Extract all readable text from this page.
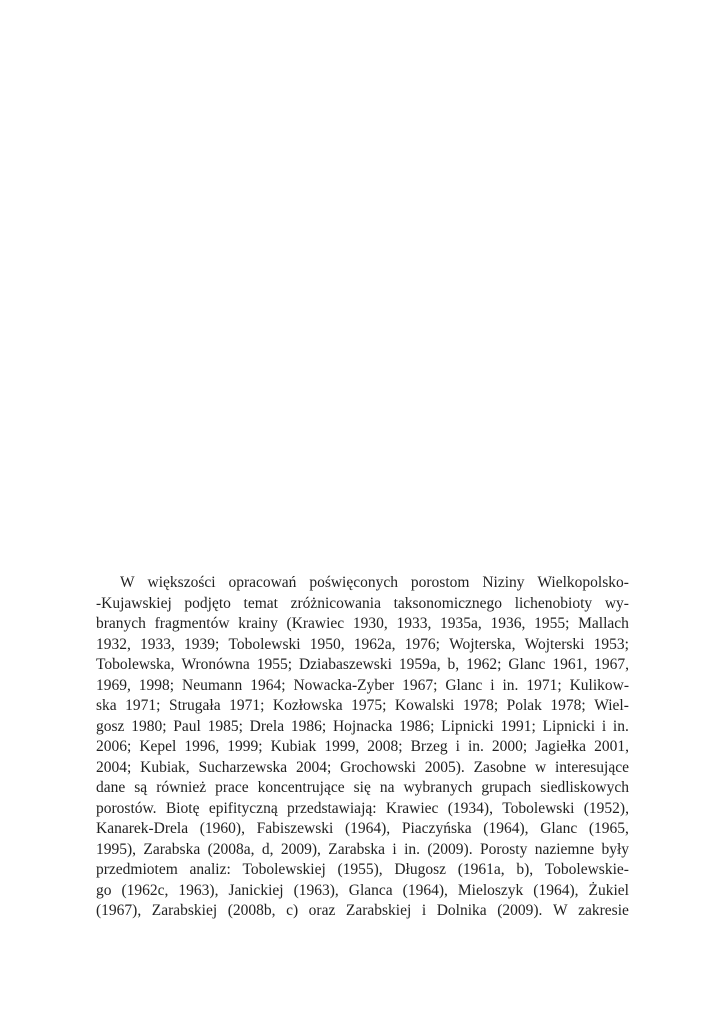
W większości opracowań poświęconych porostom Niziny Wielkopolsko-
-Kujawskiej podjęto temat zróżnicowania taksonomicznego lichenobioty wy-
branych fragmentów krainy (Krawiec 1930, 1933, 1935a, 1936, 1955; Mallach
1932, 1933, 1939; Tobolewski 1950, 1962a, 1976; Wojterska, Wojterski 1953;
Tobolewska, Wronówna 1955; Dziabaszewski 1959a, b, 1962; Glanc 1961, 1967,
1969, 1998; Neumann 1964; Nowacka-Zyber 1967; Glanc i in. 1971; Kulikow-
ska 1971; Strugała 1971; Kozłowska 1975; Kowalski 1978; Polak 1978; Wiel-
gosz 1980; Paul 1985; Drela 1986; Hojnacka 1986; Lipnicki 1991; Lipnicki i in.
2006; Kepel 1996, 1999; Kubiak 1999, 2008; Brzeg i in. 2000; Jagiełka 2001,
2004; Kubiak, Sucharzewska 2004; Grochowski 2005). Zasobne w interesujące
dane są również prace koncentrujące się na wybranych grupach siedliskowych
porostów. Biotę epifityczną przedstawiają: Krawiec (1934), Tobolewski (1952),
Kanarek-Drela (1960), Fabiszewski (1964), Piaczyńska (1964), Glanc (1965,
1995), Zarabska (2008a, d, 2009), Zarabska i in. (2009). Porosty naziemne były
przedmiotem analiz: Tobolewskiej (1955), Długosz (1961a, b), Tobolewskie-
go (1962c, 1963), Janickiej (1963), Glanca (1964), Mieloszyk (1964), Żukiel
(1967), Zarabskiej (2008b, c) oraz Zarabskiej i Dolnika (2009). W zakresie
